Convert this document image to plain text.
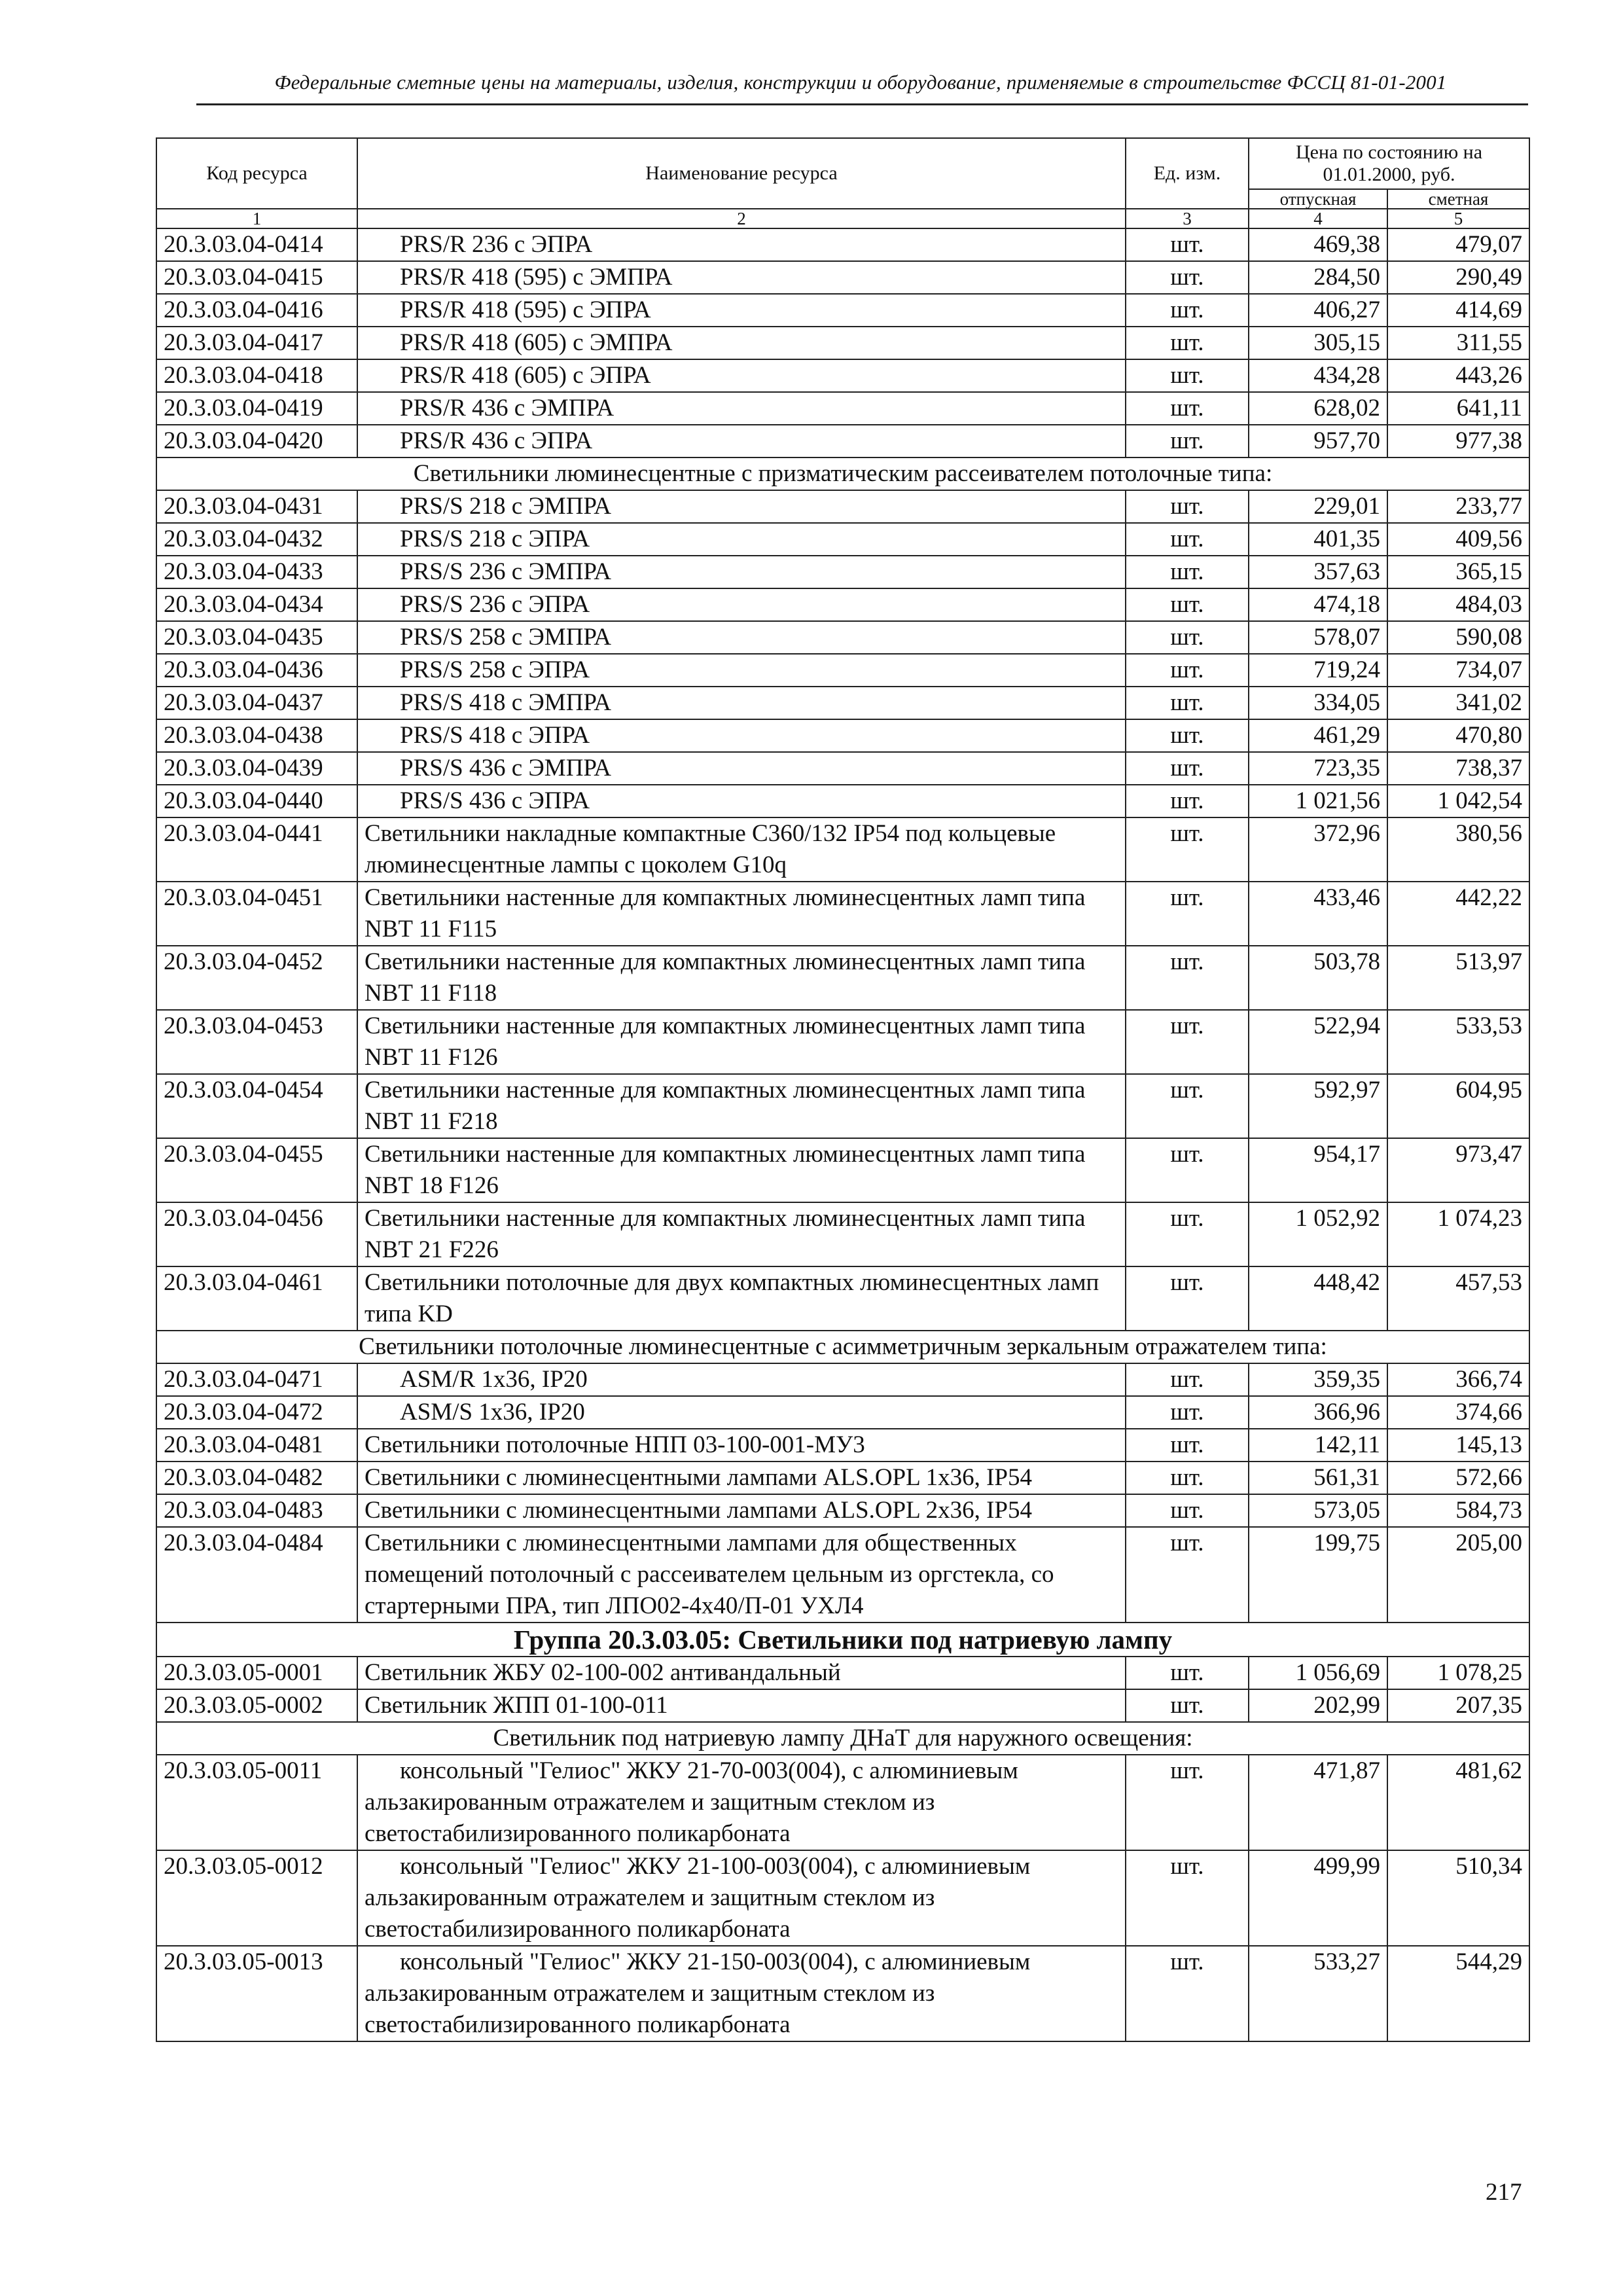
Федеральные сметные цены на материалы, изделия, конструкции и оборудование, применяемые в строительстве ФССЦ 81-01-2001
Код ресурса	Наименование ресурса	Ед. изм.	Цена по состоянию на 01.01.2000, руб.	
			отпускная	сметная
1	2	3	4	5
20.3.03.04-0414	PRS/R 236 с ЭПРА	шт.	469,38	479,07
20.3.03.04-0415	PRS/R 418 (595) с ЭМПРА	шт.	284,50	290,49
20.3.03.04-0416	PRS/R 418 (595) с ЭПРА	шт.	406,27	414,69
20.3.03.04-0417	PRS/R 418 (605) с ЭМПРА	шт.	305,15	311,55
20.3.03.04-0418	PRS/R 418 (605) с ЭПРА	шт.	434,28	443,26
20.3.03.04-0419	PRS/R 436 с ЭМПРА	шт.	628,02	641,11
20.3.03.04-0420	PRS/R 436 с ЭПРА	шт.	957,70	977,38
Светильники люминесцентные с призматическим рассеивателем потолочные типа:				
20.3.03.04-0431	PRS/S 218 с ЭМПРА	шт.	229,01	233,77
20.3.03.04-0432	PRS/S 218 с ЭПРА	шт.	401,35	409,56
20.3.03.04-0433	PRS/S 236 с ЭМПРА	шт.	357,63	365,15
20.3.03.04-0434	PRS/S 236 с ЭПРА	шт.	474,18	484,03
20.3.03.04-0435	PRS/S 258 с ЭМПРА	шт.	578,07	590,08
20.3.03.04-0436	PRS/S 258 с ЭПРА	шт.	719,24	734,07
20.3.03.04-0437	PRS/S 418 с ЭМПРА	шт.	334,05	341,02
20.3.03.04-0438	PRS/S 418 с ЭПРА	шт.	461,29	470,80
20.3.03.04-0439	PRS/S 436 с ЭМПРА	шт.	723,35	738,37
20.3.03.04-0440	PRS/S 436 с ЭПРА	шт.	1 021,56	1 042,54
20.3.03.04-0441	Светильники накладные компактные C360/132 IP54 под кольцевые люминесцентные лампы с цоколем G10q	шт.	372,96	380,56
20.3.03.04-0451	Светильники настенные для компактных люминесцентных ламп типа NBT 11 F115	шт.	433,46	442,22
20.3.03.04-0452	Светильники настенные для компактных люминесцентных ламп типа NBT 11 F118	шт.	503,78	513,97
20.3.03.04-0453	Светильники настенные для компактных люминесцентных ламп типа NBT 11 F126	шт.	522,94	533,53
20.3.03.04-0454	Светильники настенные для компактных люминесцентных ламп типа NBT 11 F218	шт.	592,97	604,95
20.3.03.04-0455	Светильники настенные для компактных люминесцентных ламп типа NBT 18 F126	шт.	954,17	973,47
20.3.03.04-0456	Светильники настенные для компактных люминесцентных ламп типа NBT 21 F226	шт.	1 052,92	1 074,23
20.3.03.04-0461	Светильники потолочные для двух компактных люминесцентных ламп типа KD	шт.	448,42	457,53
Светильники потолочные люминесцентные с асимметричным зеркальным отражателем типа:				
20.3.03.04-0471	ASM/R 1x36, IP20	шт.	359,35	366,74
20.3.03.04-0472	ASM/S 1x36, IP20	шт.	366,96	374,66
20.3.03.04-0481	Светильники потолочные НПП 03-100-001-МУ3	шт.	142,11	145,13
20.3.03.04-0482	Светильники с люминесцентными лампами ALS.OPL 1x36, IP54	шт.	561,31	572,66
20.3.03.04-0483	Светильники с люминесцентными лампами ALS.OPL 2x36, IP54	шт.	573,05	584,73
20.3.03.04-0484	Светильники с люминесцентными лампами для общественных помещений потолочный с рассеивателем цельным из оргстекла, со стартерными ПРА, тип ЛПО02-4х40/П-01 УХЛ4	шт.	199,75	205,00
Группа 20.3.03.05: Светильники под натриевую лампу				
20.3.03.05-0001	Светильник ЖБУ 02-100-002 антивандальный	шт.	1 056,69	1 078,25
20.3.03.05-0002	Светильник ЖПП 01-100-011	шт.	202,99	207,35
Светильник под натриевую лампу ДНаТ для наружного освещения:				
20.3.03.05-0011	консольный "Гелиос" ЖКУ 21-70-003(004), с алюминиевым альзакированным отражателем и защитным стеклом из светостабилизированного поликарбоната	шт.	471,87	481,62
20.3.03.05-0012	консольный "Гелиос" ЖКУ 21-100-003(004), с алюминиевым альзакированным отражателем и защитным стеклом из светостабилизированного поликарбоната	шт.	499,99	510,34
20.3.03.05-0013	консольный "Гелиос" ЖКУ 21-150-003(004), с алюминиевым альзакированным отражателем и защитным стеклом из светостабилизированного поликарбоната	шт.	533,27	544,29
217
